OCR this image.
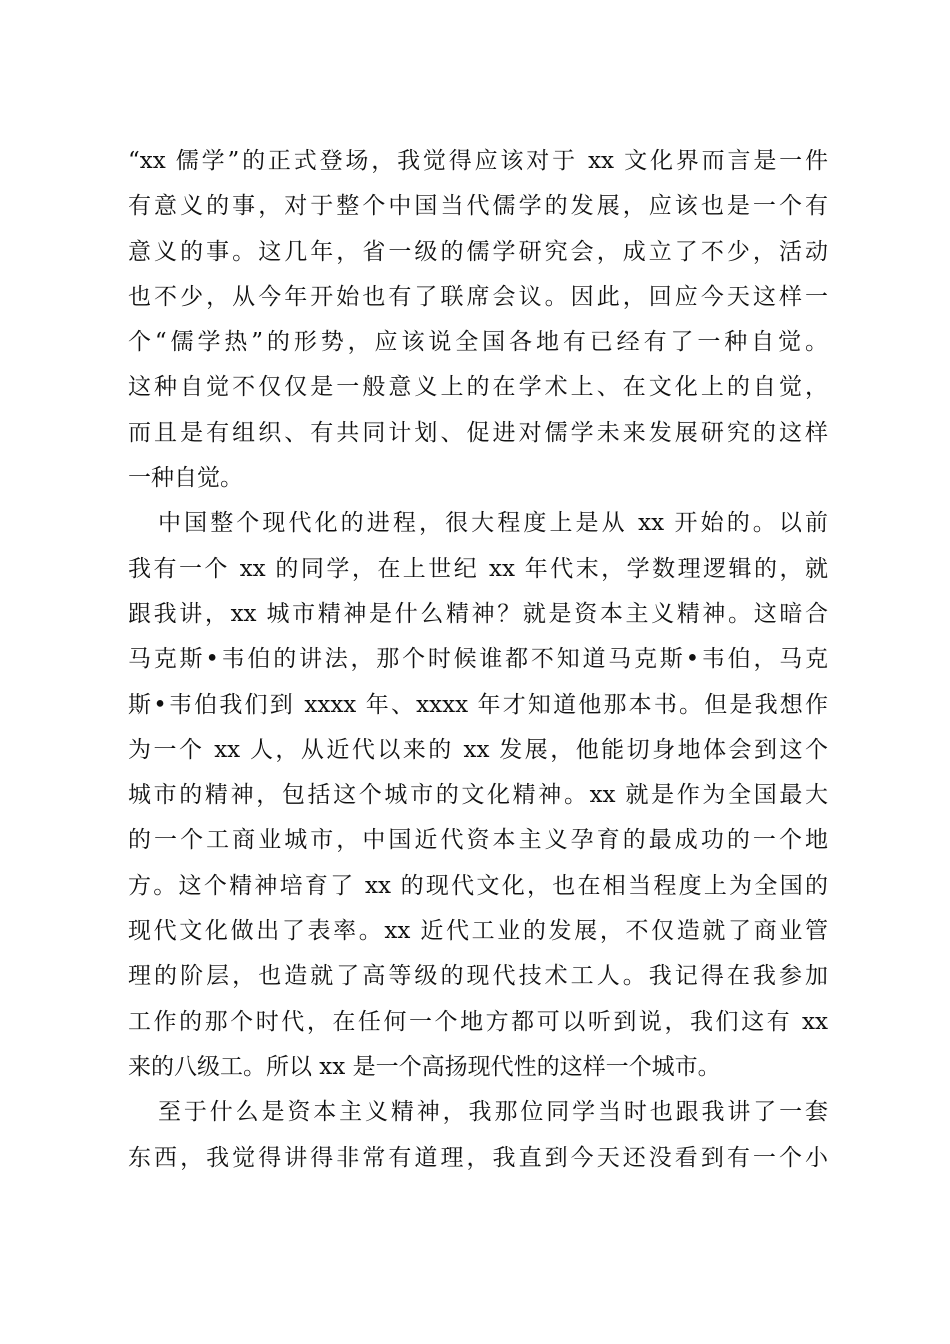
“xx 儒学”的正式登场，我觉得应该对于 xx 文化界而言是一件
有意义的事，对于整个中国当代儒学的发展，应该也是一个有
意义的事。这几年，省一级的儒学研究会，成立了不少，活动
也不少，从今年开始也有了联席会议。因此，回应今天这样一
个“儒学热”的形势，应该说全国各地有已经有了一种自觉。
这种自觉不仅仅是一般意义上的在学术上、在文化上的自觉，
而且是有组织、有共同计划、促进对儒学未来发展研究的这样
一种自觉。
中国整个现代化的进程，很大程度上是从 xx 开始的。以前
我有一个 xx 的同学，在上世纪 xx 年代末，学数理逻辑的，就
跟我讲，xx 城市精神是什么精神？就是资本主义精神。这暗合
马克斯•韦伯的讲法，那个时候谁都不知道马克斯•韦伯，马克
斯•韦伯我们到 xxxx 年、xxxx 年才知道他那本书。但是我想作
为一个 xx 人，从近代以来的 xx 发展，他能切身地体会到这个
城市的精神，包括这个城市的文化精神。xx 就是作为全国最大
的一个工商业城市，中国近代资本主义孕育的最成功的一个地
方。这个精神培育了 xx 的现代文化，也在相当程度上为全国的
现代文化做出了表率。xx 近代工业的发展，不仅造就了商业管
理的阶层，也造就了高等级的现代技术工人。我记得在我参加
工作的那个时代，在任何一个地方都可以听到说，我们这有 xx
来的八级工。所以 xx 是一个高扬现代性的这样一个城市。
至于什么是资本主义精神，我那位同学当时也跟我讲了一套
东西，我觉得讲得非常有道理，我直到今天还没看到有一个小
